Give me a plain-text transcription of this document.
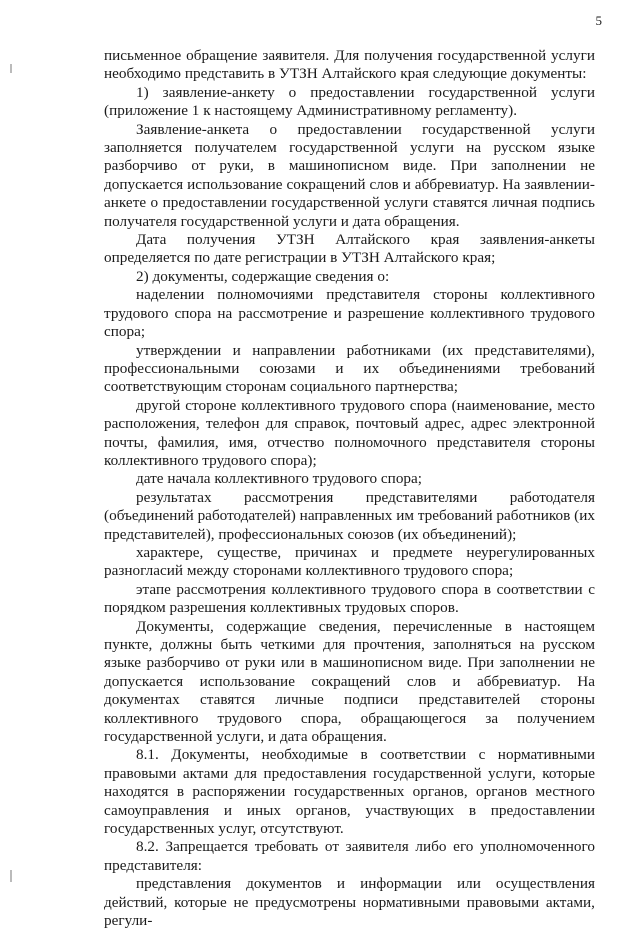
5

письменное обращение заявителя. Для получения государственной услуги необходимо представить в УТЗН Алтайского края следующие документы:

1) заявление-анкету о предоставлении государственной услуги (приложение 1 к настоящему Административному регламенту).

Заявление-анкета о предоставлении государственной услуги заполняется получателем государственной услуги на русском языке разборчиво от руки, в машинописном виде. При заполнении не допускается использование сокращений слов и аббревиатур. На заявлении-анкете о предоставлении государственной услуги ставятся личная подпись получателя государственной услуги и дата обращения.

Дата получения УТЗН Алтайского края заявления-анкеты определяется по дате регистрации в УТЗН Алтайского края;

2) документы, содержащие сведения о:

наделении полномочиями представителя стороны коллективного трудового спора на рассмотрение и разрешение коллективного трудового спора;

утверждении и направлении работниками (их представителями), профессиональными союзами и их объединениями требований соответствующим сторонам социального партнерства;

другой стороне коллективного трудового спора (наименование, место расположения, телефон для справок, почтовый адрес, адрес электронной почты, фамилия, имя, отчество полномочного представителя стороны коллективного трудового спора);

дате начала коллективного трудового спора;

результатах рассмотрения представителями работодателя (объединений работодателей) направленных им требований работников (их представителей), профессиональных союзов (их объединений);

характере, существе, причинах и предмете неурегулированных разногласий между сторонами коллективного трудового спора;

этапе рассмотрения коллективного трудового спора в соответствии с порядком разрешения коллективных трудовых споров.

Документы, содержащие сведения, перечисленные в настоящем пункте, должны быть четкими для прочтения, заполняться на русском языке разборчиво от руки или в машинописном виде. При заполнении не допускается использование сокращений слов и аббревиатур. На документах ставятся личные подписи представителей стороны коллективного трудового спора, обращающегося за получением государственной услуги, и дата обращения.

8.1. Документы, необходимые в соответствии с нормативными правовыми актами для предоставления государственной услуги, которые находятся в распоряжении государственных органов, органов местного самоуправления и иных органов, участвующих в предоставлении государственных услуг, отсутствуют.

8.2. Запрещается требовать от заявителя либо его уполномоченного представителя:

представления документов и информации или осуществления действий, которые не предусмотрены нормативными правовыми актами, регули-
